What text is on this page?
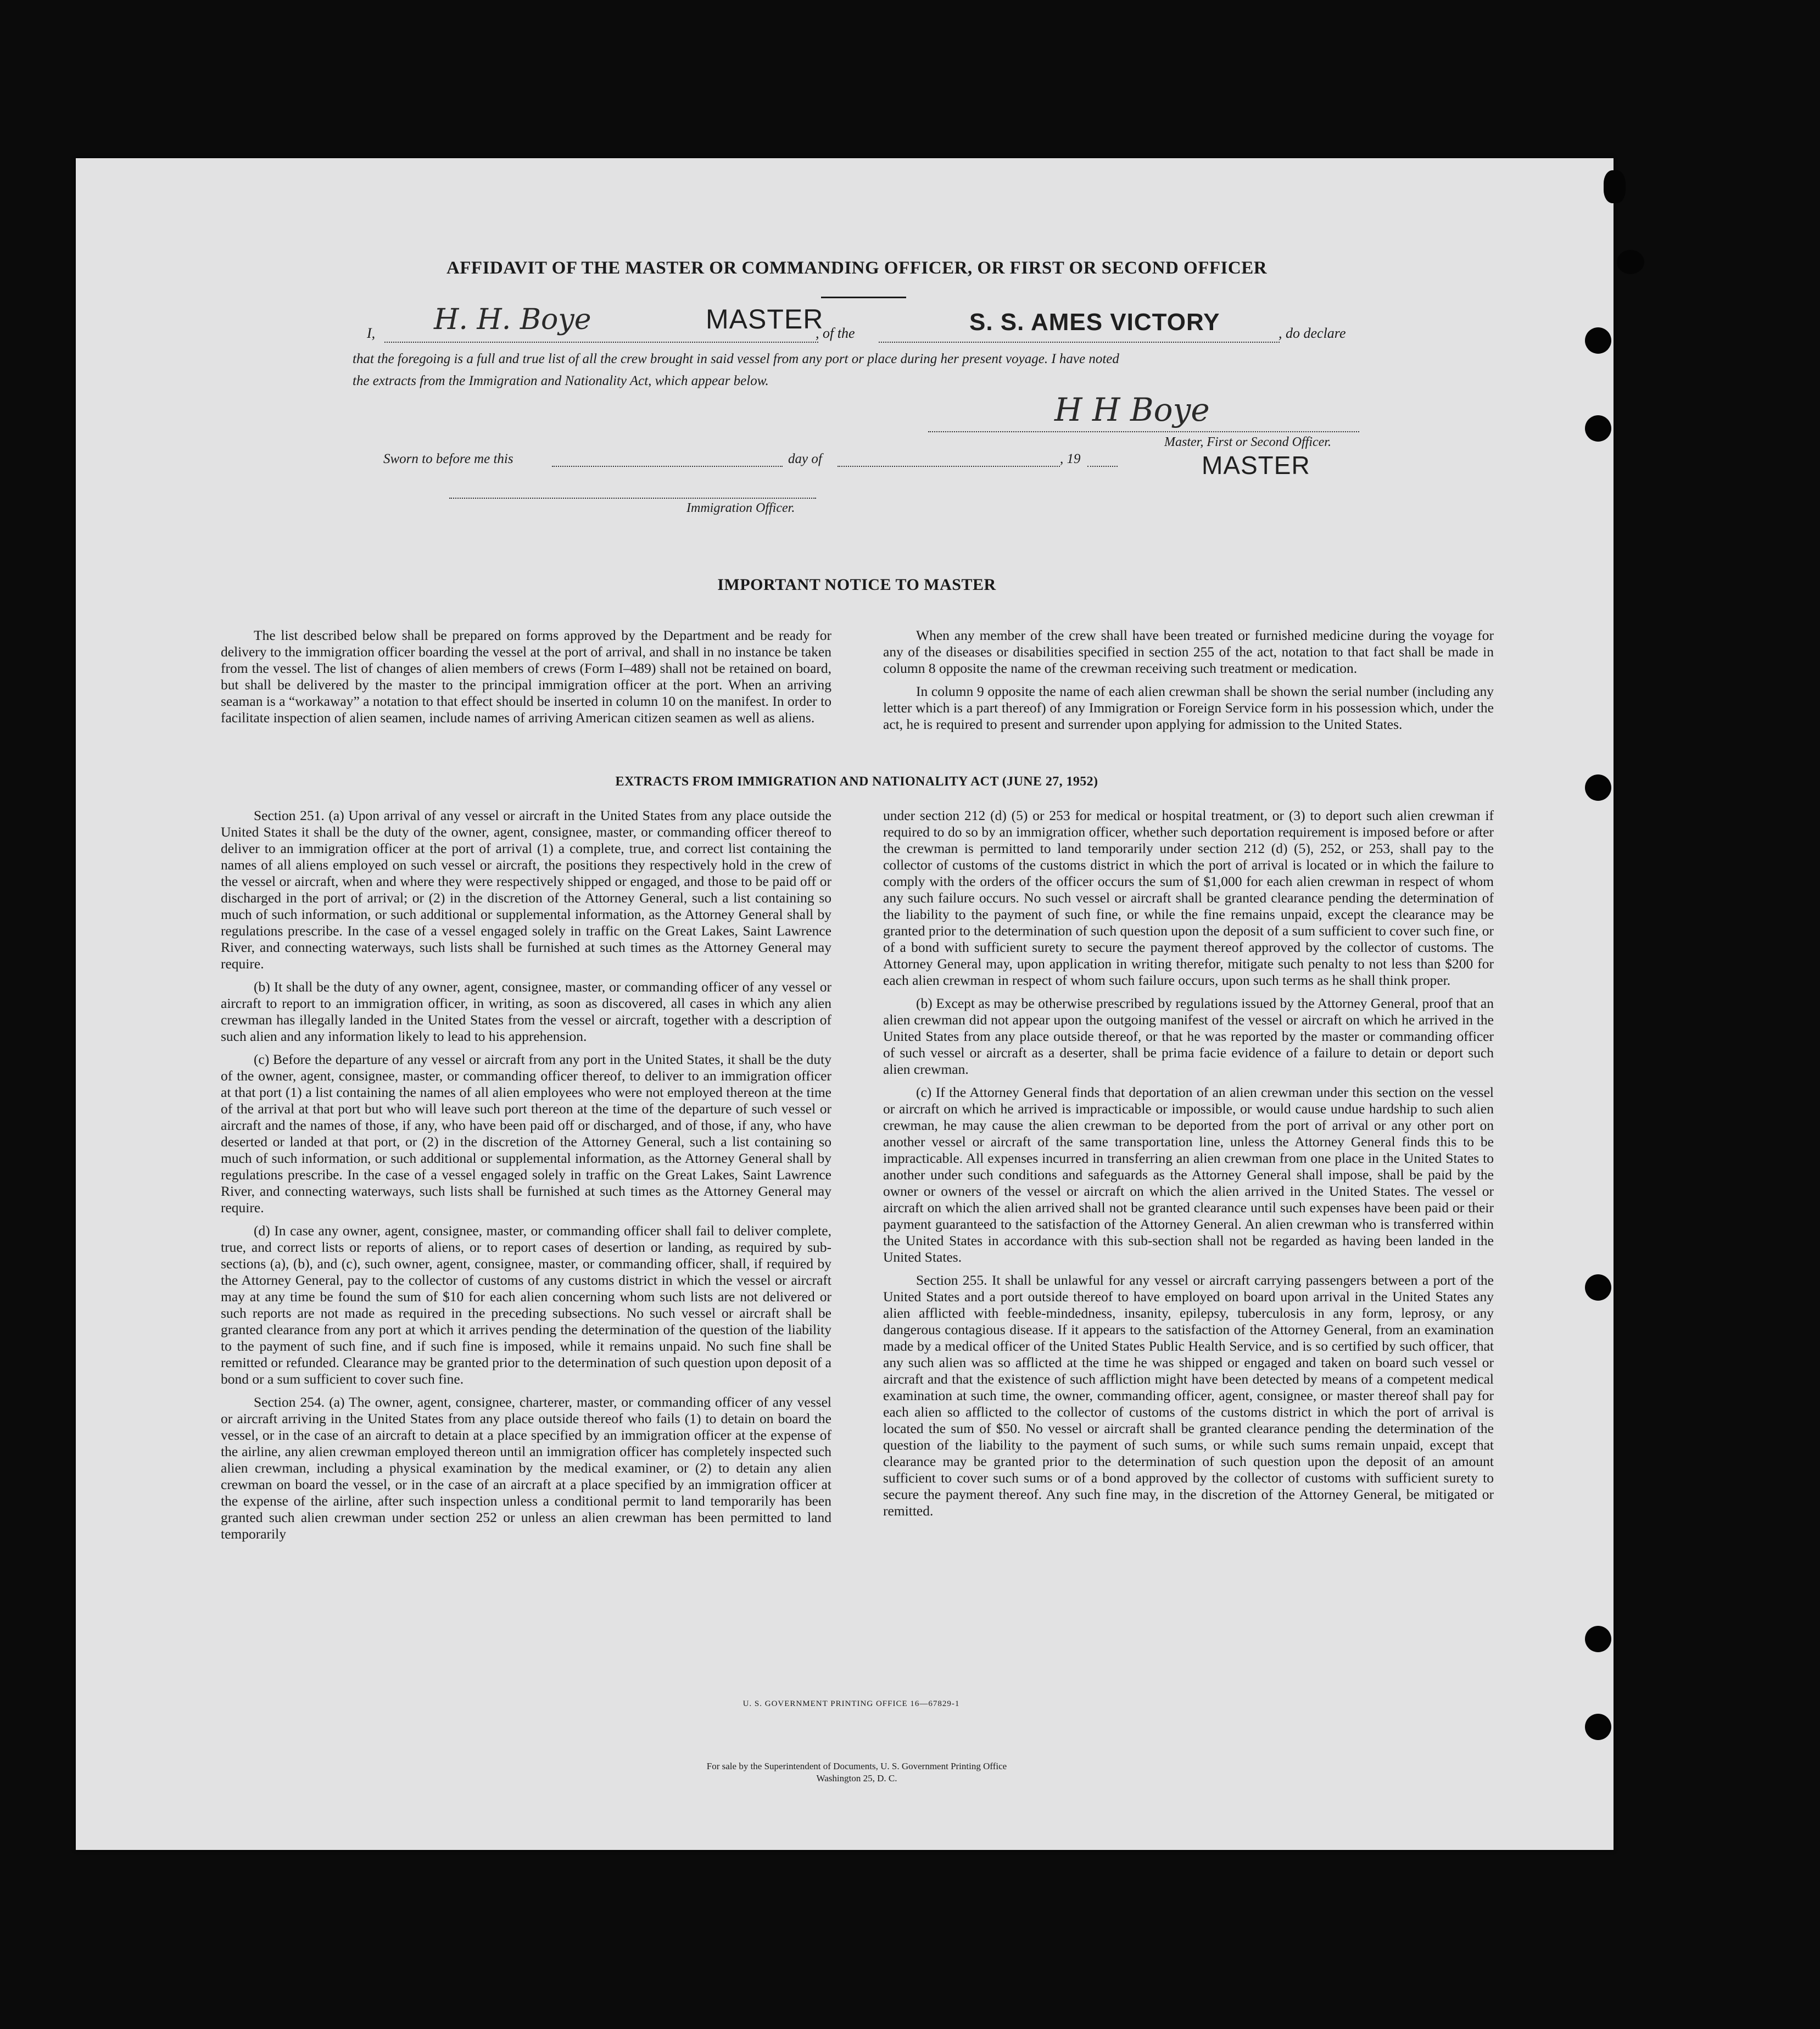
AFFIDAVIT OF THE MASTER OR COMMANDING OFFICER, OR FIRST OR SECOND OFFICER
I, H. H. Boye	MASTER
, of the	S. S. AMES VICTORY	, do declare
that the foregoing is a full and true list of all the crew brought in said vessel from any port or place during her present voyage. I have noted
the extracts from the Immigration and Nationality Act, which appear below.
H H Boye
Master, First or Second Officer.
MASTER
Sworn to before me this	day of	, 19
Immigration Officer.
IMPORTANT NOTICE TO MASTER

The list described below shall be prepared on forms approved by the Department and be ready for delivery to the immigration officer boarding the vessel at the port of arrival, and shall in no instance be taken from the vessel. The list of changes of alien members of crews (Form I–489) shall not be retained on board, but shall be delivered by the master to the principal immigration officer at the port. When an arriving seaman is a “workaway” a notation to that effect should be inserted in column 10 on the manifest. In order to facilitate inspection of alien seamen, include names of arriving American citizen seamen as well as aliens.

When any member of the crew shall have been treated or furnished medicine during the voyage for any of the diseases or disabilities specified in section 255 of the act, notation to that fact shall be made in column 8 opposite the name of the crewman receiving such treatment or medication.

In column 9 opposite the name of each alien crewman shall be shown the serial number (including any letter which is a part thereof) of any Immigration or Foreign Service form in his possession which, under the act, he is required to present and surrender upon applying for admission to the United States.

EXTRACTS FROM IMMIGRATION AND NATIONALITY ACT (JUNE 27, 1952)

Section 251. (a) Upon arrival of any vessel or aircraft in the United States from any place outside the United States it shall be the duty of the owner, agent, consignee, master, or commanding officer thereof to deliver to an immigration officer at the port of arrival (1) a complete, true, and correct list containing the names of all aliens employed on such vessel or aircraft, the positions they respectively hold in the crew of the vessel or aircraft, when and where they were respectively shipped or engaged, and those to be paid off or discharged in the port of arrival; or (2) in the discretion of the Attorney General, such a list containing so much of such information, or such additional or supplemental information, as the Attorney General shall by regulations prescribe. In the case of a vessel engaged solely in traffic on the Great Lakes, Saint Lawrence River, and connecting waterways, such lists shall be furnished at such times as the Attorney General may require.

(b) It shall be the duty of any owner, agent, consignee, master, or commanding officer of any vessel or aircraft to report to an immigration officer, in writing, as soon as discovered, all cases in which any alien crewman has illegally landed in the United States from the vessel or aircraft, together with a description of such alien and any information likely to lead to his apprehension.

(c) Before the departure of any vessel or aircraft from any port in the United States, it shall be the duty of the owner, agent, consignee, master, or commanding officer thereof, to deliver to an immigration officer at that port (1) a list containing the names of all alien employees who were not employed thereon at the time of the arrival at that port but who will leave such port thereon at the time of the departure of such vessel or aircraft and the names of those, if any, who have been paid off or discharged, and of those, if any, who have deserted or landed at that port, or (2) in the discretion of the Attorney General, such a list containing so much of such information, or such additional or supplemental information, as the Attorney General shall by regulations prescribe. In the case of a vessel engaged solely in traffic on the Great Lakes, Saint Lawrence River, and connecting waterways, such lists shall be furnished at such times as the Attorney General may require.

(d) In case any owner, agent, consignee, master, or commanding officer shall fail to deliver complete, true, and correct lists or reports of aliens, or to report cases of desertion or landing, as required by sub-sections (a), (b), and (c), such owner, agent, consignee, master, or commanding officer, shall, if required by the Attorney General, pay to the collector of customs of any customs district in which the vessel or aircraft may at any time be found the sum of $10 for each alien concerning whom such lists are not delivered or such reports are not made as required in the preceding subsections. No such vessel or aircraft shall be granted clearance from any port at which it arrives pending the determination of the question of the liability to the payment of such fine, and if such fine is imposed, while it remains unpaid. No such fine shall be remitted or refunded. Clearance may be granted prior to the determination of such question upon deposit of a bond or a sum sufficient to cover such fine.

Section 254. (a) The owner, agent, consignee, charterer, master, or commanding officer of any vessel or aircraft arriving in the United States from any place outside thereof who fails (1) to detain on board the vessel, or in the case of an aircraft to detain at a place specified by an immigration officer at the expense of the airline, any alien crewman employed thereon until an immigration officer has completely inspected such alien crewman, including a physical examination by the medical examiner, or (2) to detain any alien crewman on board the vessel, or in the case of an aircraft at a place specified by an immigration officer at the expense of the airline, after such inspection unless a conditional permit to land temporarily has been granted such alien crewman under section 252 or unless an alien crewman has been permitted to land temporarily

under section 212 (d) (5) or 253 for medical or hospital treatment, or (3) to deport such alien crewman if required to do so by an immigration officer, whether such deportation requirement is imposed before or after the crewman is permitted to land temporarily under section 212 (d) (5), 252, or 253, shall pay to the collector of customs of the customs district in which the port of arrival is located or in which the failure to comply with the orders of the officer occurs the sum of $1,000 for each alien crewman in respect of whom any such failure occurs. No such vessel or aircraft shall be granted clearance pending the determination of the liability to the payment of such fine, or while the fine remains unpaid, except the clearance may be granted prior to the determination of such question upon the deposit of a sum sufficient to cover such fine, or of a bond with sufficient surety to secure the payment thereof approved by the collector of customs. The Attorney General may, upon application in writing therefor, mitigate such penalty to not less than $200 for each alien crewman in respect of whom such failure occurs, upon such terms as he shall think proper.

(b) Except as may be otherwise prescribed by regulations issued by the Attorney General, proof that an alien crewman did not appear upon the outgoing manifest of the vessel or aircraft on which he arrived in the United States from any place outside thereof, or that he was reported by the master or commanding officer of such vessel or aircraft as a deserter, shall be prima facie evidence of a failure to detain or deport such alien crewman.

(c) If the Attorney General finds that deportation of an alien crewman under this section on the vessel or aircraft on which he arrived is impracticable or impossible, or would cause undue hardship to such alien crewman, he may cause the alien crewman to be deported from the port of arrival or any other port on another vessel or aircraft of the same transportation line, unless the Attorney General finds this to be impracticable. All expenses incurred in transferring an alien crewman from one place in the United States to another under such conditions and safeguards as the Attorney General shall impose, shall be paid by the owner or owners of the vessel or aircraft on which the alien arrived in the United States. The vessel or aircraft on which the alien arrived shall not be granted clearance until such expenses have been paid or their payment guaranteed to the satisfaction of the Attorney General. An alien crewman who is transferred within the United States in accordance with this sub-section shall not be regarded as having been landed in the United States.

Section 255. It shall be unlawful for any vessel or aircraft carrying passengers between a port of the United States and a port outside thereof to have employed on board upon arrival in the United States any alien afflicted with feeble-mindedness, insanity, epilepsy, tuberculosis in any form, leprosy, or any dangerous contagious disease. If it appears to the satisfaction of the Attorney General, from an examination made by a medical officer of the United States Public Health Service, and is so certified by such officer, that any such alien was so afflicted at the time he was shipped or engaged and taken on board such vessel or aircraft and that the existence of such affliction might have been detected by means of a competent medical examination at such time, the owner, commanding officer, agent, consignee, or master thereof shall pay for each alien so afflicted to the collector of customs of the customs district in which the port of arrival is located the sum of $50. No vessel or aircraft shall be granted clearance pending the determination of the question of the liability to the payment of such sums, or while such sums remain unpaid, except that clearance may be granted prior to the determination of such question upon the deposit of an amount sufficient to cover such sums or of a bond approved by the collector of customs with sufficient surety to secure the payment thereof. Any such fine may, in the discretion of the Attorney General, be mitigated or remitted.

U. S. GOVERNMENT PRINTING OFFICE 16—67829-1
For sale by the Superintendent of Documents, U. S. Government Printing Office
Washington 25, D. C.
